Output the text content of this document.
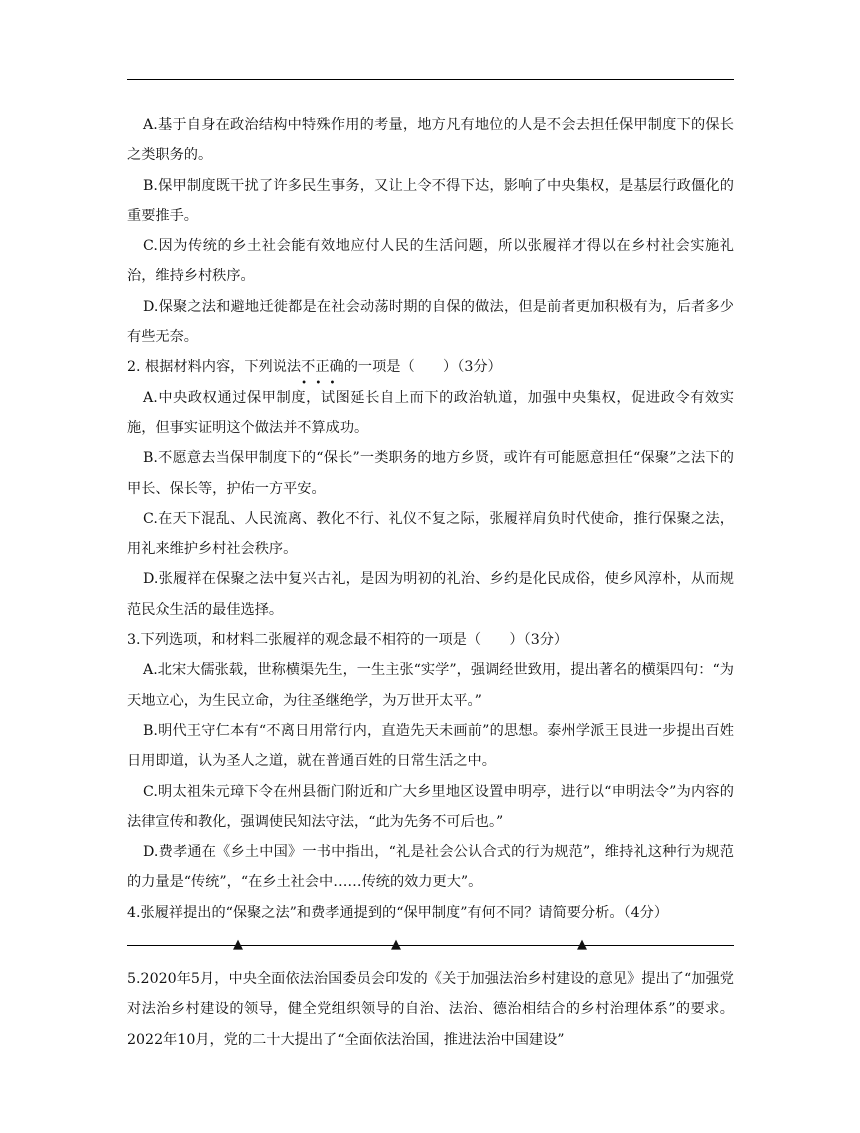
A.基于自身在政治结构中特殊作用的考量，地方凡有地位的人是不会去担任保甲制度下的保长之类职务的。

B.保甲制度既干扰了许多民生事务，又让上令不得下达，影响了中央集权，是基层行政僵化的重要推手。

C.因为传统的乡土社会能有效地应付人民的生活问题，所以张履祥才得以在乡村社会实施礼治，维持乡村秩序。

D.保聚之法和避地迁徙都是在社会动荡时期的自保的做法，但是前者更加积极有为，后者多少有些无奈。

2. 根据材料内容，下列说法不
•
正
•
确
•
的一项是（　　）（3分）

A.中央政权通过保甲制度，试图延长自上而下的政治轨道，加强中央集权，促进政令有效实施，但事实证明这个做法并不算成功。

B.不愿意去当保甲制度下的“保长”一类职务的地方乡贤，或许有可能愿意担任“保聚”之法下的甲长、保长等，护佑一方平安。

C.在天下混乱、人民流离、教化不行、礼仪不复之际，张履祥肩负时代使命，推行保聚之法，用礼来维护乡村社会秩序。

D.张履祥在保聚之法中复兴古礼，是因为明初的礼治、乡约是化民成俗，使乡风淳朴，从而规范民众生活的最佳选择。

3.下列选项，和材料二张履祥的观念最不相符的一项是（　　）（3分）

A.北宋大儒张载，世称横渠先生，一生主张“实学”，强调经世致用，提出著名的横渠四句：“为天地立心，为生民立命，为往圣继绝学，为万世开太平。”

B.明代王守仁本有“不离日用常行内，直造先天未画前”的思想。泰州学派王艮进一步提出百姓日用即道，认为圣人之道，就在普通百姓的日常生活之中。

C.明太祖朱元璋下令在州县衙门附近和广大乡里地区设置申明亭，进行以“申明法令”为内容的法律宣传和教化，强调使民知法守法，“此为先务不可后也。”

D.费孝通在《乡土中国》一书中指出，“礼是社会公认合式的行为规范”，维持礼这种行为规范的力量是“传统”，“在乡土社会中……传统的效力更大”。

4.张履祥提出的“保聚之法”和费孝通提到的“保甲制度”有何不同？请简要分析。（4分）

▲	▲	▲

5.2020年5月，中央全面依法治国委员会印发的《关于加强法治乡村建设的意见》提出了“加强党对法治乡村建设的领导，健全党组织领导的自治、法治、德治相结合的乡村治理体系”的要求。2022年10月，党的二十大提出了“全面依法治国，推进法治中国建设”
